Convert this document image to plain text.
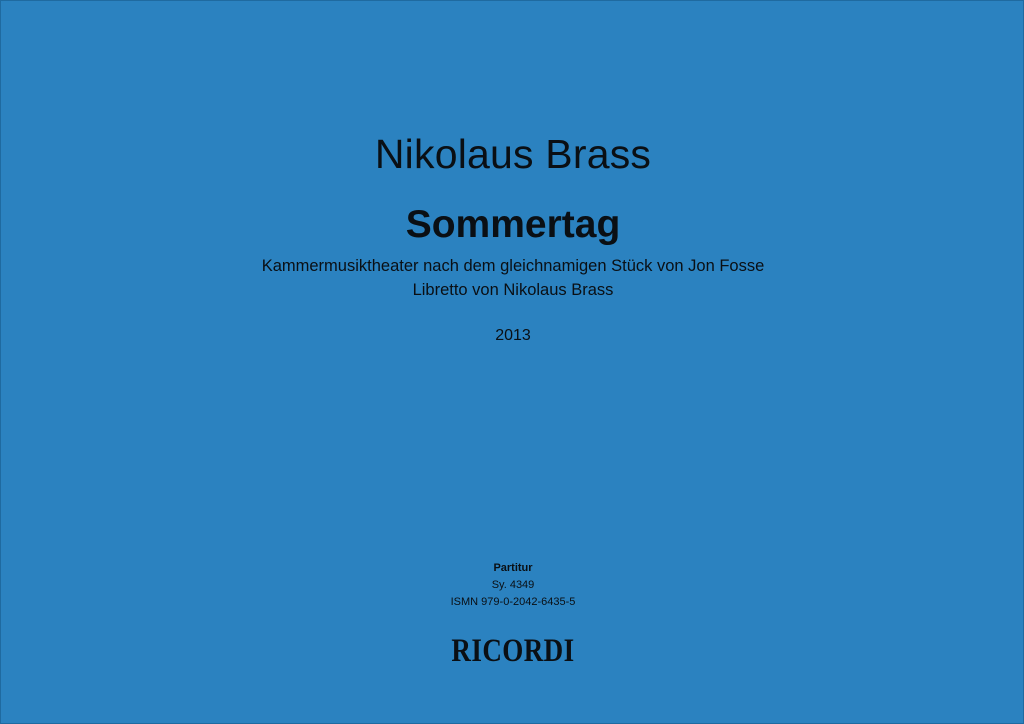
Nikolaus Brass
Sommertag
Kammermusiktheater nach dem gleichnamigen Stück von Jon Fosse
Libretto von Nikolaus Brass
2013
Partitur
Sy. 4349
ISMN 979-0-2042-6435-5
RICORDI
